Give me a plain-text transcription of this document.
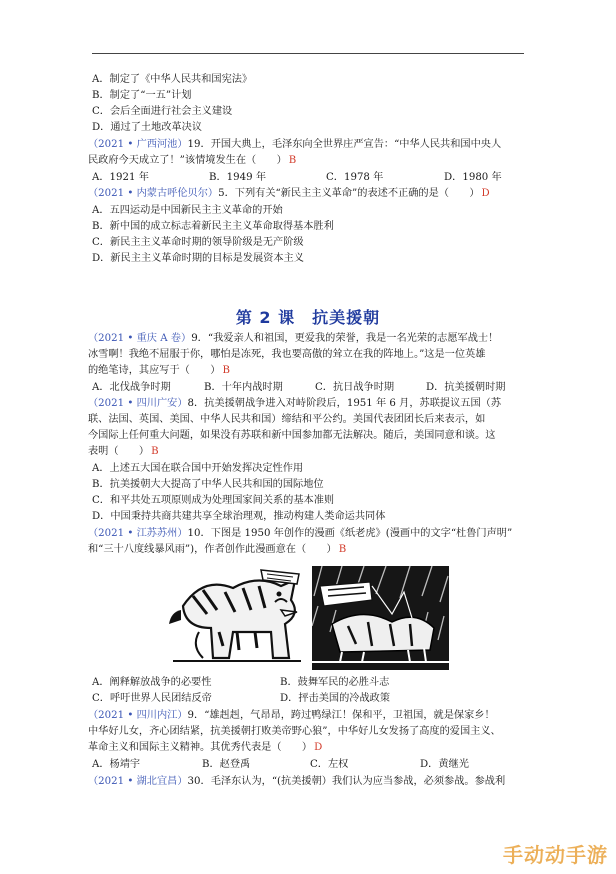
A．制定了《中华人民共和国宪法》
B．制定了“一五”计划
C．会后全面进行社会主义建设
D．通过了土地改革决议
（2021 • 广西河池）19．开国大典上，毛泽东向全世界庄严宣告：“中华人民共和国中央人
民政府今天成立了！”该情境发生在（　　） B
A．1921 年	B．1949 年	C．1978 年	D．1980 年
（2021 • 内蒙古呼伦贝尔）5．下列有关“新民主主义革命”的表述不正确的是（　　） D
A．五四运动是中国新民主主义革命的开始
B．新中国的成立标志着新民主主义革命取得基本胜利
C．新民主主义革命时期的领导阶级是无产阶级
D．新民主主义革命时期的目标是发展资本主义
第 2 课　抗美援朝
（2021 • 重庆 A 卷）9．“我爱亲人和祖国，更爱我的荣誉，我是一名光荣的志愿军战士！
冰雪啊！我绝不屈服于你，哪怕是冻死，我也要高傲的耸立在我的阵地上。”这是一位英雄
的绝笔诗，其应写于（　　） B
A．北伐战争时期	B．十年内战时期	C．抗日战争时期	D．抗美援朝时期
（2021 • 四川广安）8．抗美援朝战争进入对峙阶段后，1951 年 6 月，苏联提议五国（苏
联、法国、英国、美国、中华人民共和国）缔结和平公约。美国代表团团长后来表示，如
今国际上任何重大问题，如果没有苏联和新中国参加都无法解决。随后，美国同意和谈。这
表明（　　） B
A．上述五大国在联合国中开始发挥决定性作用
B．抗美援朝大大提高了中华人民共和国的国际地位
C．和平共处五项原则成为处理国家间关系的基本准则
D．中国秉持共商共建共享全球治理观，推动构建人类命运共同体
（2021 • 江苏苏州）10．下图是 1950 年创作的漫画《纸老虎》(漫画中的文字“杜鲁门声明”
和“三十八度线暴风雨”)，作者创作此漫画意在（　　） B
A．阐释解放战争的必要性	B．鼓舞军民的必胜斗志
C．呼吁世界人民团结反帝	D．抨击美国的冷战政策
（2021 • 四川内江）9．“雄赳赳，气昂昂，跨过鸭绿江！保和平，卫祖国，就是保家乡！
中华好儿女，齐心团结紧，抗美援朝打败美帝野心狼”，中华好儿女发扬了高度的爱国主义、
革命主义和国际主义精神。其优秀代表是（　　） D
A．杨靖宇	B．赵登禹	C．左权	D．黄继光
（2021 • 湖北宜昌）30．毛泽东认为，“(抗美援朝）我们认为应当参战，必须参战。参战利
手动动手游
